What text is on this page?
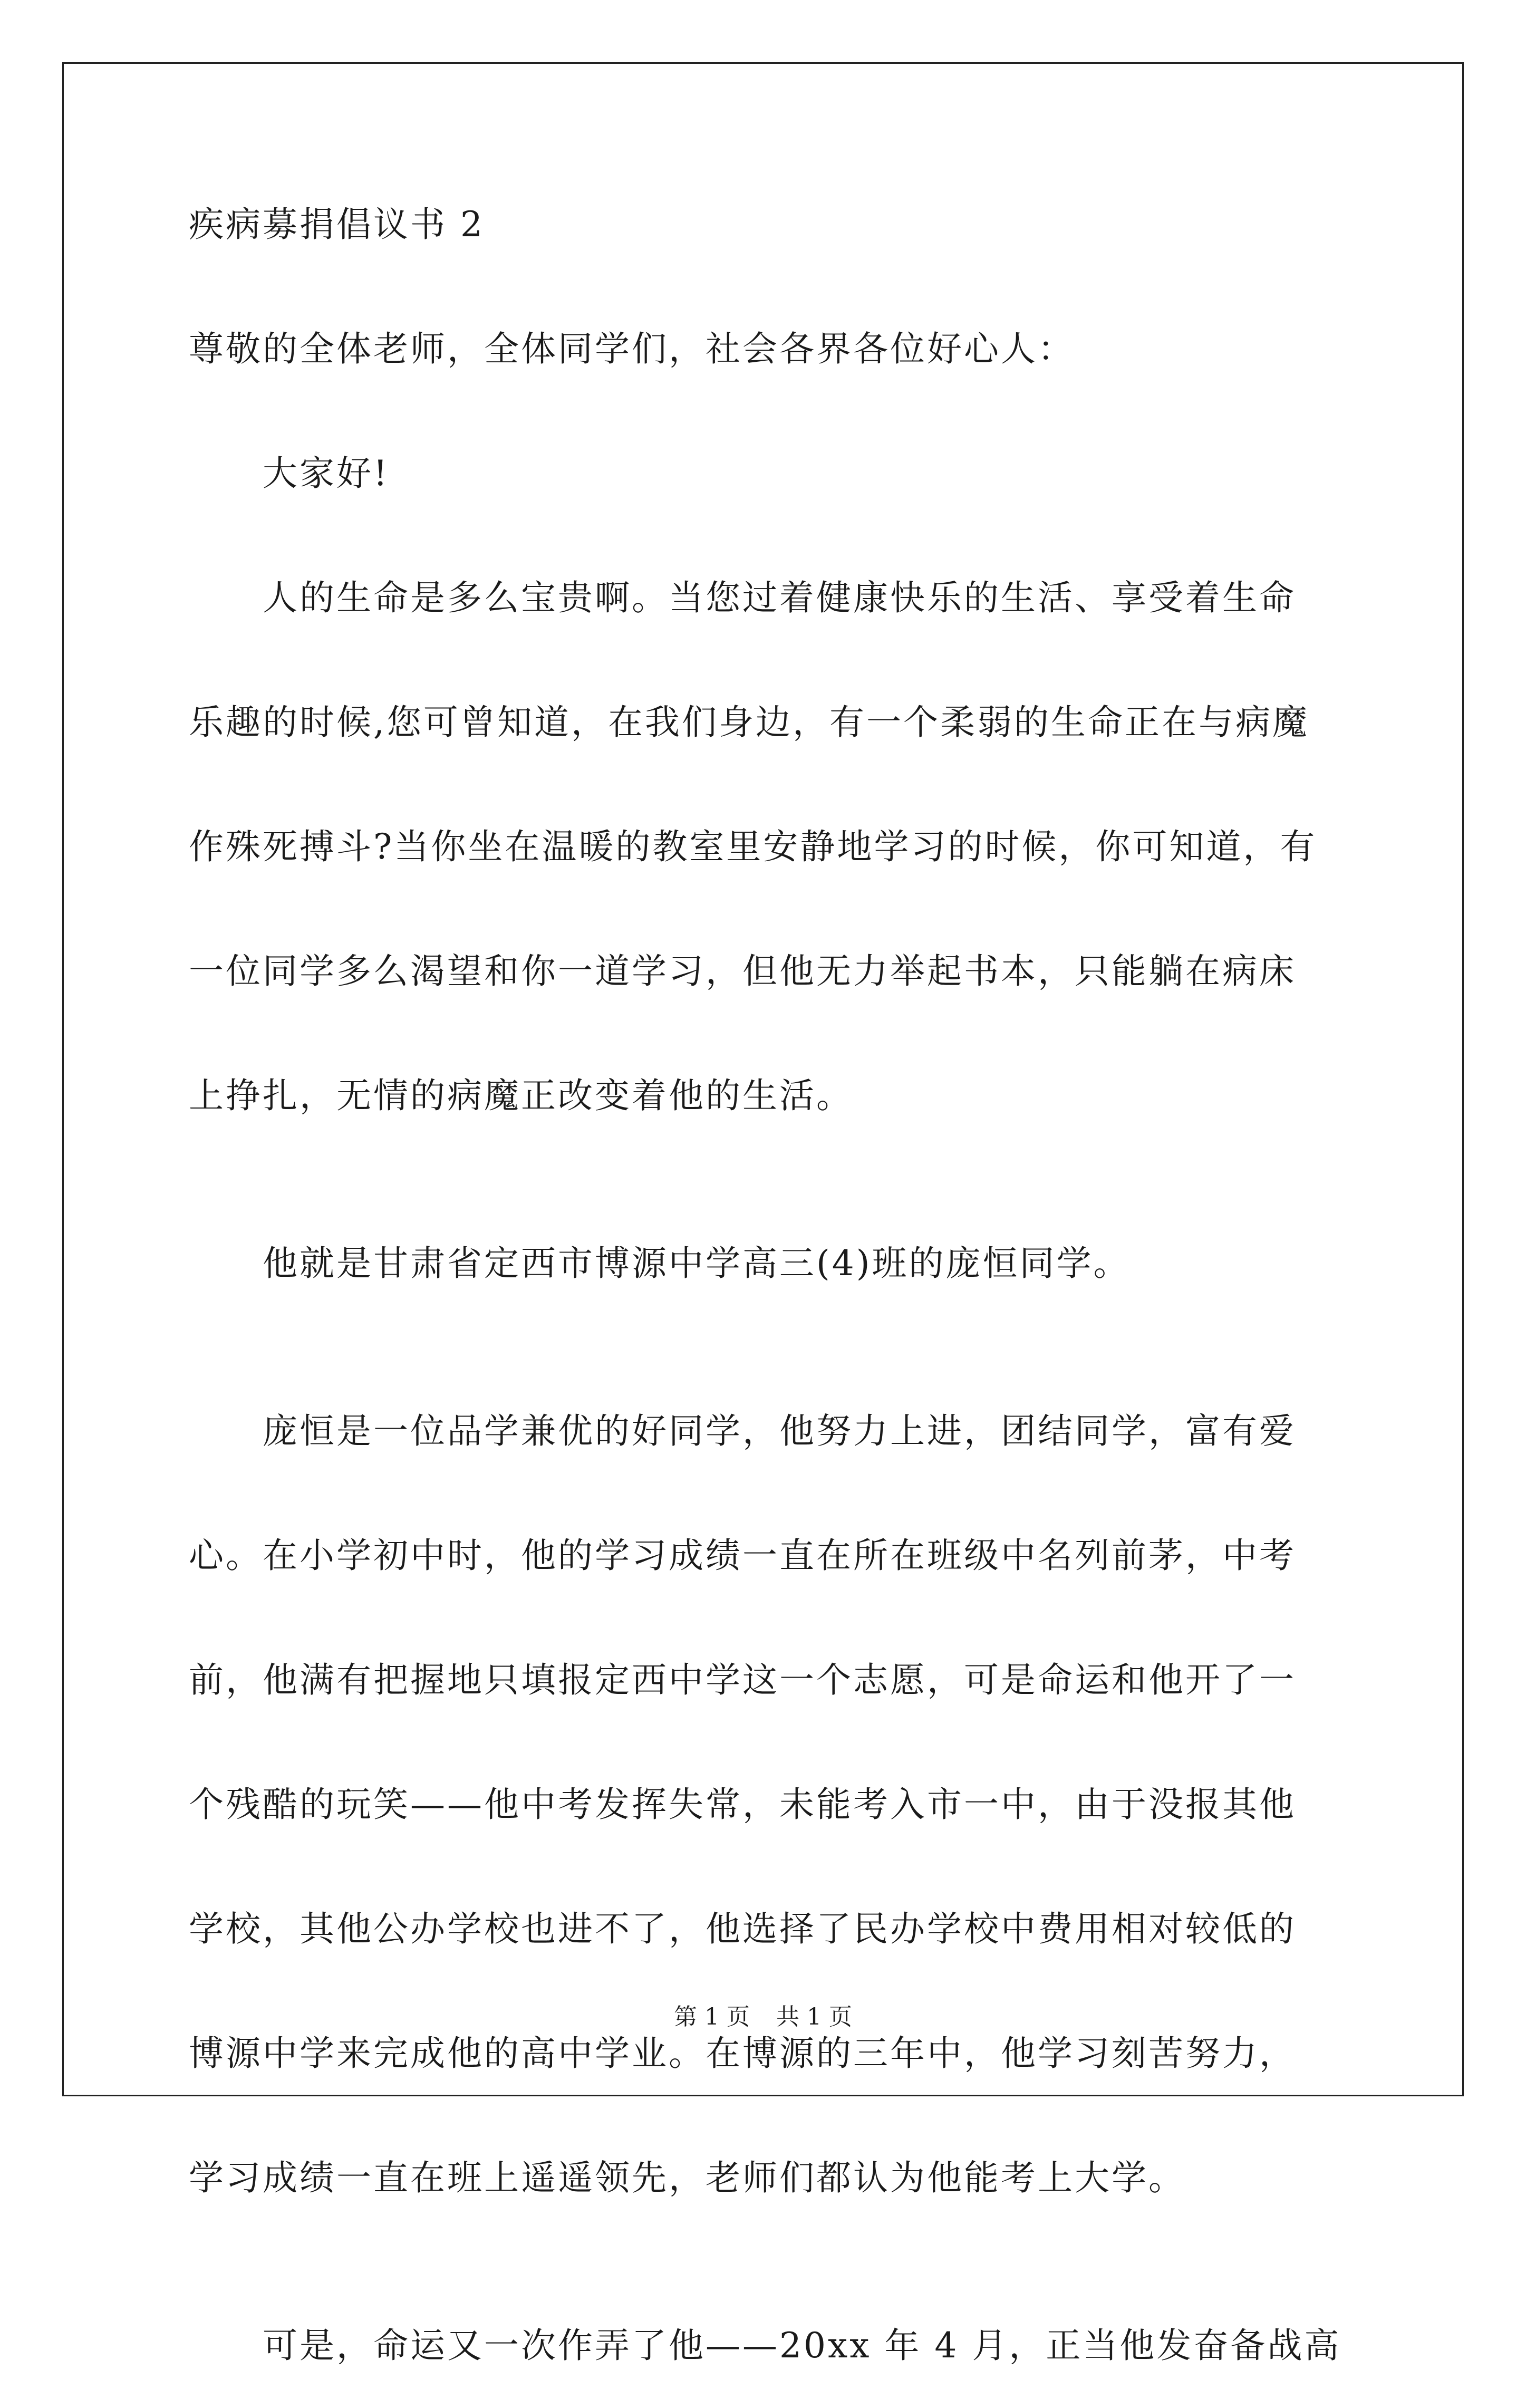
疾病募捐倡议书 2
尊敬的全体老师，全体同学们，社会各界各位好心人：
大家好!
人的生命是多么宝贵啊。当您过着健康快乐的生活、享受着生命
乐趣的时候,您可曾知道，在我们身边，有一个柔弱的生命正在与病魔
作殊死搏斗?当你坐在温暖的教室里安静地学习的时候，你可知道，有
一位同学多么渴望和你一道学习，但他无力举起书本，只能躺在病床
上挣扎，无情的病魔正改变着他的生活。
他就是甘肃省定西市博源中学高三(4)班的庞恒同学。
庞恒是一位品学兼优的好同学，他努力上进，团结同学，富有爱
心。在小学初中时，他的学习成绩一直在所在班级中名列前茅，中考
前，他满有把握地只填报定西中学这一个志愿，可是命运和他开了一
个残酷的玩笑——他中考发挥失常，未能考入市一中，由于没报其他
学校，其他公办学校也进不了，他选择了民办学校中费用相对较低的
博源中学来完成他的高中学业。在博源的三年中，他学习刻苦努力，
学习成绩一直在班上遥遥领先，老师们都认为他能考上大学。
可是，命运又一次作弄了他——20xx 年 4 月，正当他发奋备战高
第 1 页 共 1 页
